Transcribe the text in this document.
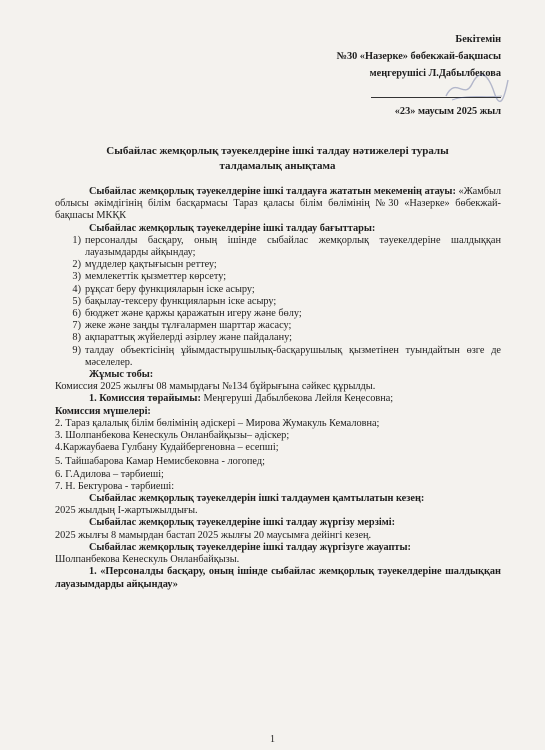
Бекітемін
№30 «Назерке» бөбекжай-бақшасы
меңгерушісі Л.Дабылбекова
«23» маусым 2025 жыл
Сыбайлас жемқорлық тәуекелдеріне ішкі талдау нәтижелері туралы
талдамалық анықтама
Сыбайлас жемқорлық тәуекелдеріне ішкі талдауға жататын мекеменің атауы: «Жамбыл облысы әкімдігінің білім басқармасы Тараз қаласы білім бөлімінің №30 «Назерке» бөбекжай- бақшасы МКҚК
Сыбайлас жемқорлық тәуекелдеріне ішкі талдау бағыттары:
1) персоналды басқару, оның ішінде сыбайлас жемқорлық тәуекелдеріне шалдыққан лауазымдарды айқындау;
2) мүдделер қақтығысын реттеу;
3) мемлекеттік қызметтер көрсету;
4) рұқсат беру функцияларын іске асыру;
5) бақылау-тексеру функцияларын іске асыру;
6) бюджет және қаржы қаражатын игеру және бөлу;
7) жеке және заңды тұлғалармен шарттар жасасу;
8) ақпараттық жүйелерді әзірлеу және пайдалану;
9) талдау объектісінің ұйымдастырушылық-басқарушылық қызметінен туындайтын өзге де мәселелер.
Жұмыс тобы:
Комиссия 2025 жылғы 08 мамырдағы №134 бұйрығына сәйкес құрылды.
1. Комиссия төрайымы: Меңгеруші Дабылбекова Лейля Кеңесовна;
Комиссия мүшелері:
2. Тараз қалалық білім бөлімінің әдіскері – Мирова Жумакуль Кемаловна;
3. Шолпанбекова Кенескуль Онланбайқызы– әдіскер;
4.Каржаубаева Гулбану Кудайбергеновна – есепші;
5. Тайшабарова Камар Немисбековна - логопед;
6. Г.Адилова – тәрбиеші;
7. Н. Бектурова - тәрбиеші:
Сыбайлас жемқорлық тәуекелдерін ішкі талдаумен қамтылатын кезең:
2025 жылдың І-жартыжылдығы.
Сыбайлас жемқорлық тәуекелдеріне ішкі талдау жүргізу мерзімі:
2025 жылғы 8 мамырдан бастап 2025 жылғы 20 маусымға дейінгі кезең.
Сыбайлас жемқорлық тәуекелдеріне ішкі талдау жүргізуге жауапты:
Шолпанбекова Кенескуль Онланбайқызы.
1. «Персоналды басқару, оның ішінде сыбайлас жемқорлық тәуекелдеріне шалдыққан лауазымдарды айқындау»
1
